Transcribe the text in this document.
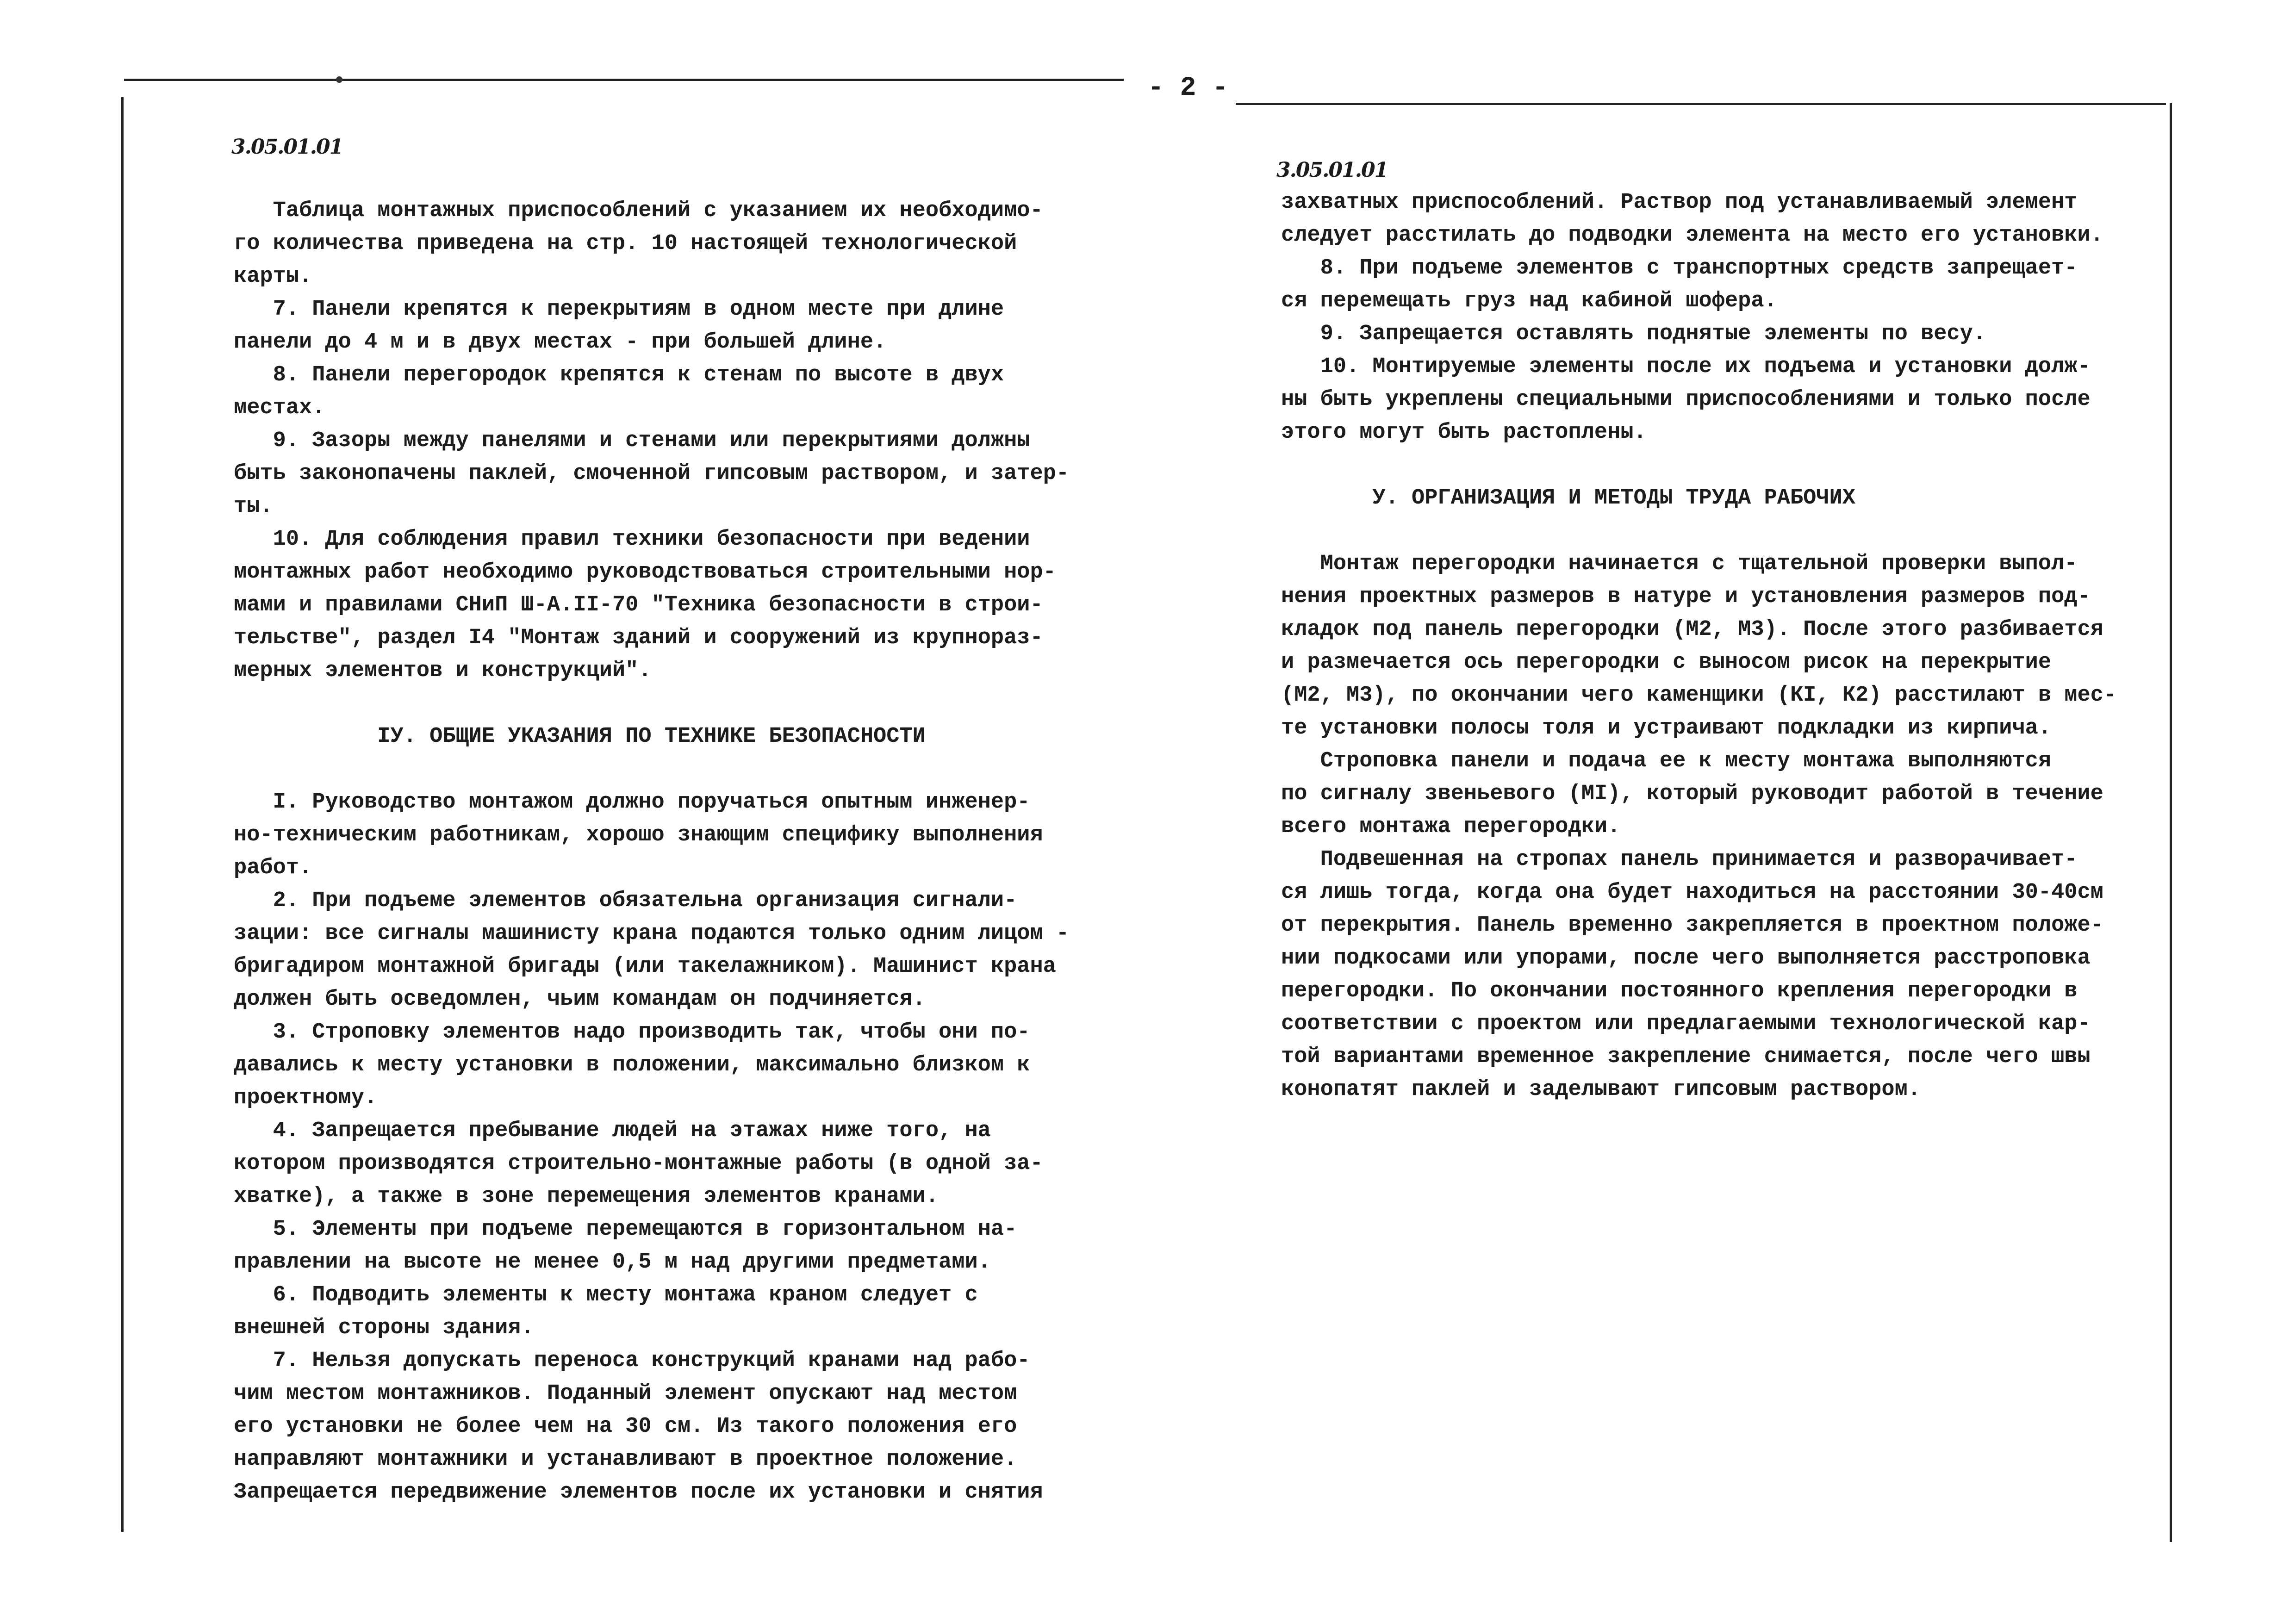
- 2 -
3.05.01.01

Таблица монтажных приспособлений с указанием их необходимо-

го количества приведена на стр. 10 настоящей технологической

карты.

7. Панели крепятся к перекрытиям в одном месте при длине

панели до 4 м и в двух местах - при большей длине.

8. Панели перегородок крепятся к стенам по высоте в двух

местах.

9. Зазоры между панелями и стенами или перекрытиями должны

быть законопачены паклей, смоченной гипсовым раствором, и затер-

ты.

10. Для соблюдения правил техники безопасности при ведении

монтажных работ необходимо руководствоваться строительными нор-

мами и правилами СНиП Ш-А.II-70 "Техника безопасности в строи-

тельстве", раздел I4 "Монтаж зданий и сооружений из крупнораз-

мерных элементов и конструкций".

IУ. ОБЩИЕ УКАЗАНИЯ ПО ТЕХНИКЕ БЕЗОПАСНОСТИ

I. Руководство монтажом должно поручаться опытным инженер-

но-техническим работникам, хорошо знающим специфику выполнения

работ.

2. При подъеме элементов обязательна организация сигнали-

зации: все сигналы машинисту крана подаются только одним лицом -

бригадиром монтажной бригады (или такелажником). Машинист крана

должен быть осведомлен, чьим командам он подчиняется.

3. Строповку элементов надо производить так, чтобы они по-

давались к месту установки в положении, максимально близком к

проектному.

4. Запрещается пребывание людей на этажах ниже того, на

котором производятся строительно-монтажные работы (в одной за-

хватке), а также в зоне перемещения элементов кранами.

5. Элементы при подъеме перемещаются в горизонтальном на-

правлении на высоте не менее 0,5 м над другими предметами.

6. Подводить элементы к месту монтажа краном следует с

внешней стороны здания.

7. Нельзя допускать переноса конструкций кранами над рабо-

чим местом монтажников. Поданный элемент опускают над местом

его установки не более чем на 30 см. Из такого положения его

направляют монтажники и устанавливают в проектное положение.

Запрещается передвижение элементов после их установки и снятия

3.05.01.01

захватных приспособлений. Раствор под устанавливаемый элемент

следует расстилать до подводки элемента на место его установки.

8. При подъеме элементов с транспортных средств запрещает-

ся перемещать груз над кабиной шофера.

9. Запрещается оставлять поднятые элементы по весу.

10. Монтируемые элементы после их подъема и установки долж-

ны быть укреплены специальными приспособлениями и только после

этого могут быть растоплены.

У. ОРГАНИЗАЦИЯ И МЕТОДЫ ТРУДА РАБОЧИХ

Монтаж перегородки начинается с тщательной проверки выпол-

нения проектных размеров в натуре и установления размеров под-

кладок под панель перегородки (М2, М3). После этого разбивается

и размечается ось перегородки с выносом рисок на перекрытие

(М2, М3), по окончании чего каменщики (КI, К2) расстилают в мес-

те установки полосы толя и устраивают подкладки из кирпича.

Строповка панели и подача ее к месту монтажа выполняются

по сигналу звеньевого (МI), который руководит работой в течение

всего монтажа перегородки.

Подвешенная на стропах панель принимается и разворачивает-

ся лишь тогда, когда она будет находиться на расстоянии 30-40см

от перекрытия. Панель временно закрепляется в проектном положе-

нии подкосами или упорами, после чего выполняется расстроповка

перегородки. По окончании постоянного крепления перегородки в

соответствии с проектом или предлагаемыми технологической кар-

той вариантами временное закрепление снимается, после чего швы

конопатят паклей и заделывают гипсовым раствором.
